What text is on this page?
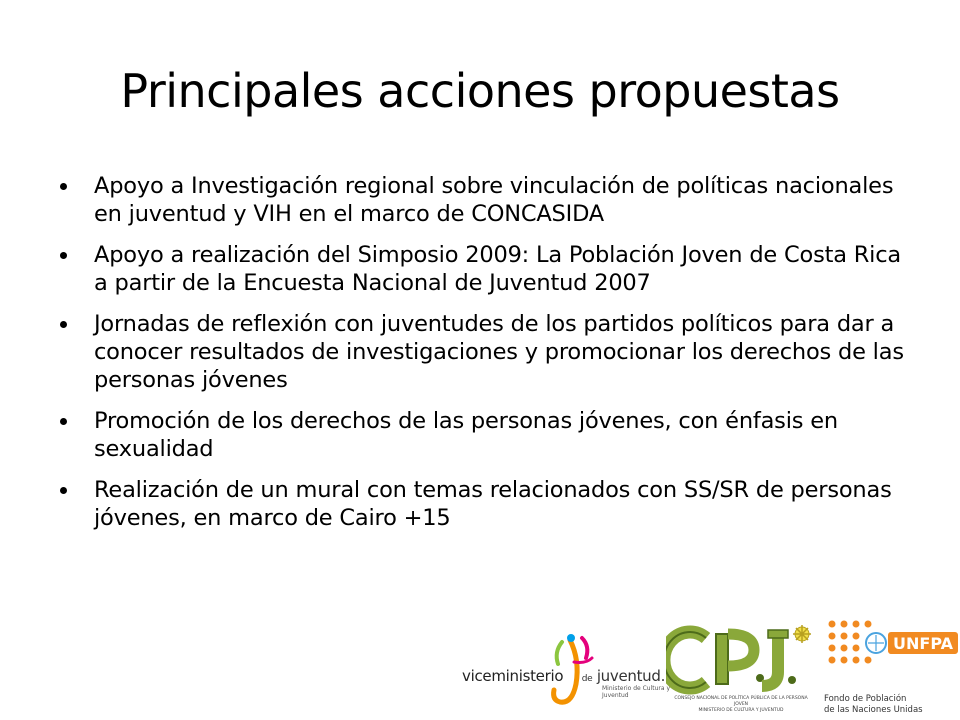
Principales acciones propuestas
Apoyo a Investigación regional sobre vinculación de políticas nacionales en juventud y VIH en el marco de CONCASIDA
Apoyo a realización del Simposio 2009: La Población Joven de Costa Rica a partir de la Encuesta Nacional de Juventud 2007
Jornadas de reflexión con juventudes de los partidos políticos para dar a conocer resultados de investigaciones y promocionar los derechos de las personas jóvenes
Promoción de los derechos de las personas jóvenes, con énfasis en sexualidad
Realización de un mural con temas relacionados con SS/SR de personas jóvenes, en marco de Cairo +15
viceministerio de juventud.
Ministerio de Cultura y Juventud	CONSEJO NACIONAL DE POLÍTICA PÚBLICA DE LA PERSONA JOVEN
MINISTERIO DE CULTURA Y JUVENTUD
UNFPA
Fondo de Población
de las Naciones Unidas
